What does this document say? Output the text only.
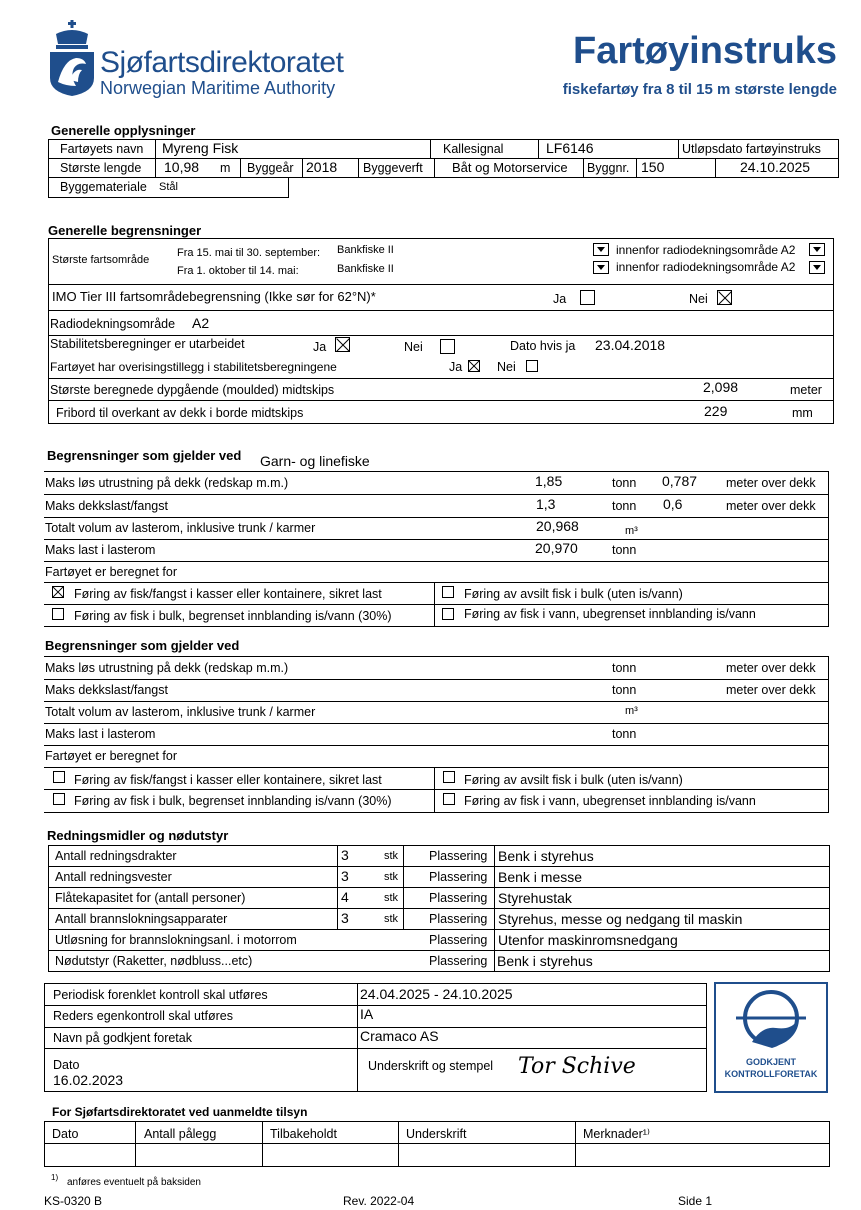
Sjøfartsdirektoratet
Norwegian Maritime Authority
Fartøyinstruks
fiskefartøy fra 8 til 15 m største lengde
Generelle opplysninger
Fartøyets navn Myreng Fisk	Kallesignal	LF6146	Utløpsdato fartøyinstruks
Største lengde 10,98 m Byggeår 2018 Byggeverft Båt og Motorservice Byggnr. 150	24.10.2025
Byggemateriale Stål
Generelle begrensninger
Største fartsområde
Fra 15. mai til 30. september: Bankfiske II	innenfor radiodekningsområde A2
Fra 1. oktober til 14. mai:	Bankfiske II	innenfor radiodekningsområde A2
IMO Tier III fartsområdebegrensning (Ikke sør for 62°N)*	Ja	Nei
Radiodekningsområde A2
Stabilitetsberegninger er utarbeidet	Ja	Nei	Dato hvis ja 23.04.2018
Fartøyet har overisingstillegg i stabilitetsberegningene	Ja	Nei
Største beregnede dypgående (moulded) midtskips	2,098	meter
Fribord til overkant av dekk i borde midtskips	229	mm
Begrensninger som gjelder ved Garn- og linefiske
Maks løs utrustning på dekk (redskap m.m.)	1,85	tonn 0,787 meter over dekk
Maks dekkslast/fangst	1,3	tonn 0,6	meter over dekk
Totalt volum av lasterom, inklusive trunk / karmer	20,968	m³
Maks last i lasterom	20,970	tonn
Fartøyet er beregnet for
Føring av fisk/fangst i kasser eller kontainere, sikret last	Føring av avsilt fisk i bulk (uten is/vann)
Føring av fisk i bulk, begrenset innblanding is/vann (30%)	Føring av fisk i vann, ubegrenset innblanding is/vann
Begrensninger som gjelder ved
Maks løs utrustning på dekk (redskap m.m.)	tonn	meter over dekk
Maks dekkslast/fangst	tonn	meter over dekk
Totalt volum av lasterom, inklusive trunk / karmer	m³
Maks last i lasterom	tonn
Fartøyet er beregnet for
Føring av fisk/fangst i kasser eller kontainere, sikret last	Føring av avsilt fisk i bulk (uten is/vann)
Føring av fisk i bulk, begrenset innblanding is/vann (30%)	Føring av fisk i vann, ubegrenset innblanding is/vann
Redningsmidler og nødutstyr
Antall redningsdrakter	3	stk Plassering Benk i styrehus
Antall redningsvester	3	stk Plassering Benk i messe
Flåtekapasitet for (antall personer)	4	stk Plassering Styrehustak
Antall brannslokningsapparater	3	stk Plassering Styrehus, messe og nedgang til maskin
Utløsning for brannslokningsanl. i motorrom	Plassering Utenfor maskinromsnedgang
Nødutstyr (Raketter, nødbluss...etc)	Plassering Benk i styrehus
Periodisk forenklet kontroll skal utføres	24.04.2025 - 24.10.2025
Reders egenkontroll skal utføres	IA
Navn på godkjent foretak	Cramaco AS
Dato
16.02.2023
Underskrift og stempel Tor Schive	GODKJENT
KONTROLLFORETAK
For Sjøfartsdirektoratet ved uanmeldte tilsyn
Dato	Antall pålegg	Tilbakeholdt	Underskrift	Merknader¹⁾
1) anføres eventuelt på baksiden
KS-0320 B	Rev. 2022-04	Side 1
